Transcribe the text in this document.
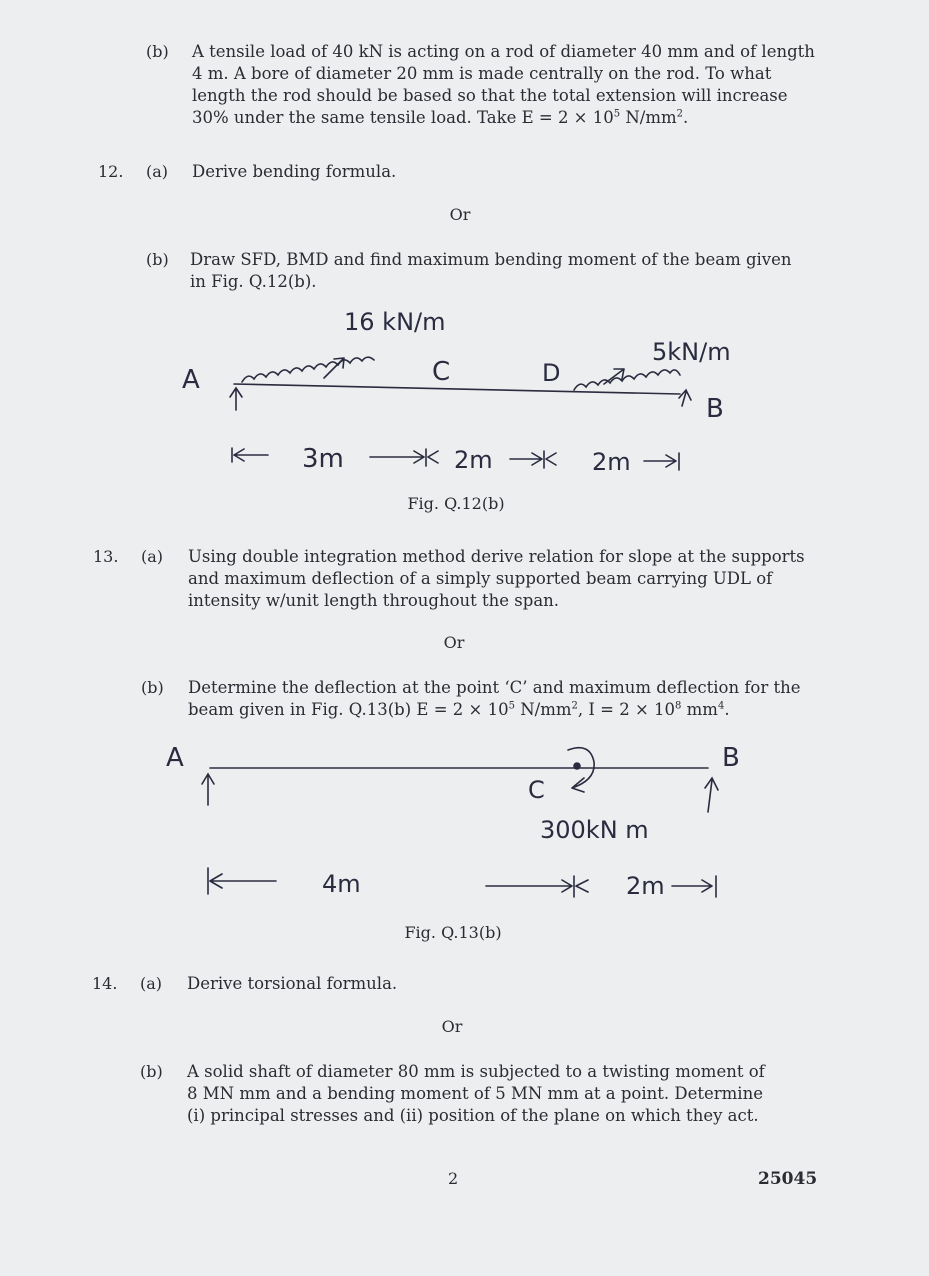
(b) A tensile load of 40 kN is acting on a rod of diameter 40 mm and of length
4 m. A bore of diameter 20 mm is made centrally on the rod. To what
length the rod should be based so that the total extension will increase
30% under the same tensile load. Take $E = 2 \times 10^5$ $N/mm^2$.
12. (a) Derive bending formula.
Or
(b) Draw SFD, BMD and find maximum bending moment of the beam given
in Fig. Q.12(b).
16 kN/m
5kN/m
A	C	D
B
3m	2m	2m
Fig. Q.12(b)
13. (a) Using double integration method derive relation for slope at the supports
and maximum deflection of a simply supported beam carrying UDL of
intensity w/unit length throughout the span.
Or
(b) Determine the deflection at the point ‘C’ and maximum deflection for the
beam given in Fig. Q.13(b) $E = 2 \times 10^5$ $N/mm^2$, $I = 2 \times 10^8$ $mm^4$.
A	B
C
300kN m
4m	2m
Fig. Q.13(b)
14. (a) Derive torsional formula.
Or
(b) A solid shaft of diameter 80 mm is subjected to a twisting moment of
8 MN mm and a bending moment of 5 MN mm at a point. Determine
(i) principal stresses and (ii) position of the plane on which they act.
2	25045
